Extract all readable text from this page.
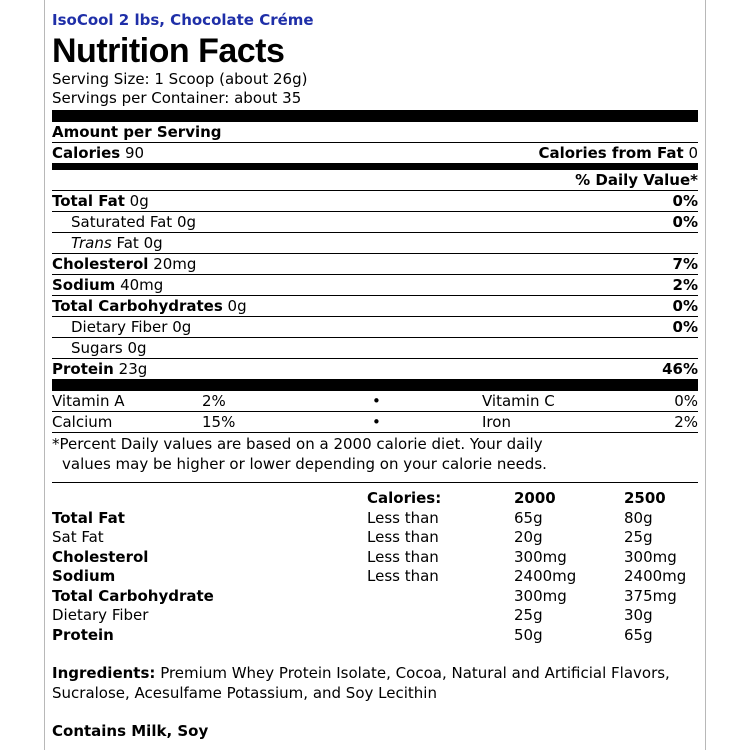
IsoCool 2 lbs, Chocolate Créme
Nutrition Facts
Serving Size: 1 Scoop (about 26g)
Servings per Container: about 35
Amount per Serving
Calories 90	Calories from Fat 0
% Daily Value*
Total Fat 0g	0%
Saturated Fat 0g	0%
Trans Fat 0g
Cholesterol 20mg	7%
Sodium 40mg	2%
Total Carbohydrates 0g	0%
Dietary Fiber 0g	0%
Sugars 0g
Protein 23g	46%
Vitamin A	2%	•	Vitamin C	0%
Calcium	15%	•	Iron	2%
*Percent Daily values are based on a 2000 calorie diet. Your daily
values may be higher or lower depending on your calorie needs.
	Calories:	2000	2500
Total Fat	Less than	65g	80g
Sat Fat	Less than	20g	25g
Cholesterol	Less than	300mg	300mg
Sodium	Less than	2400mg	2400mg
Total Carbohydrate		300mg	375mg
Dietary Fiber		25g	30g
Protein		50g	65g
Ingredients: Premium Whey Protein Isolate, Cocoa, Natural and Artificial Flavors, Sucralose, Acesulfame Potassium, and Soy Lecithin
Contains Milk, Soy
